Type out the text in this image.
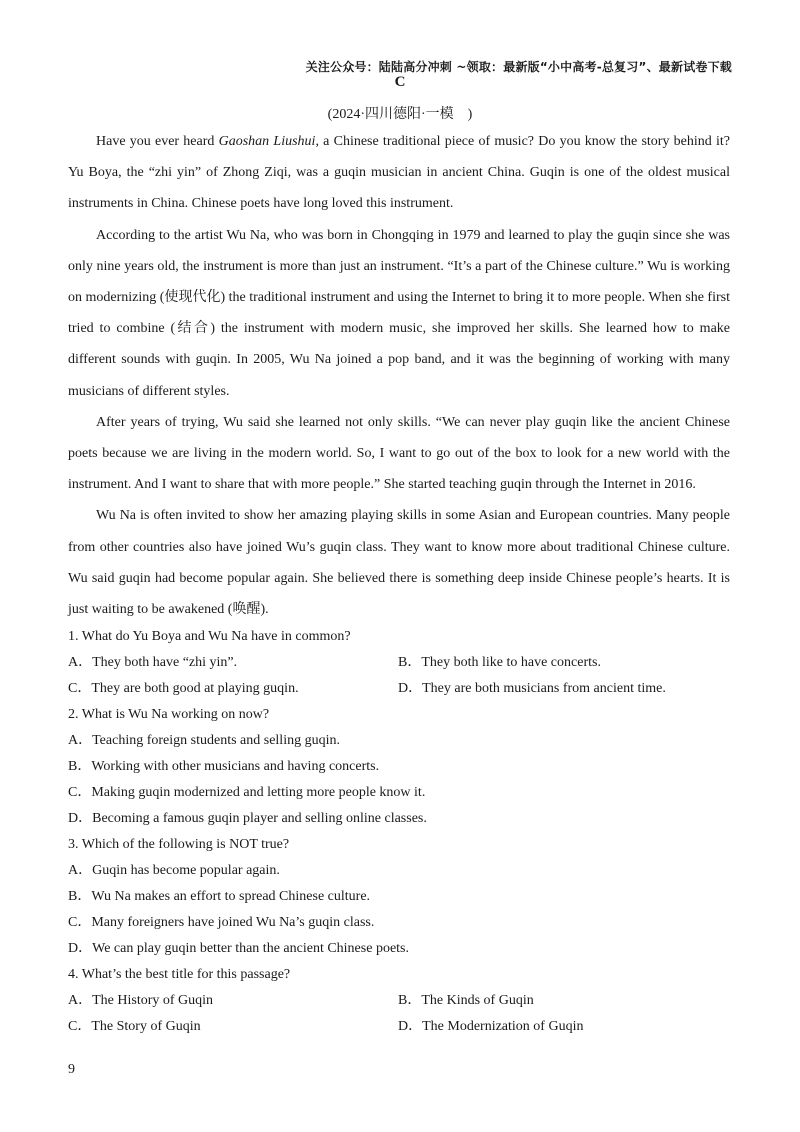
关注公众号：陆陆高分冲刺 ~领取：最新版“小中高考-总复习”、最新试卷下载
C
(2024·四川德阳·一模　)

Have you ever heard Gaoshan Liushui, a Chinese traditional piece of music? Do you know the story behind it? Yu Boya, the “zhi yin” of Zhong Ziqi, was a guqin musician in ancient China. Guqin is one of the oldest musical instruments in China. Chinese poets have long loved this instrument.

According to the artist Wu Na, who was born in Chongqing in 1979 and learned to play the guqin since she was only nine years old, the instrument is more than just an instrument. “It’s a part of the Chinese culture.” Wu is working on modernizing (使现代化) the traditional instrument and using the Internet to bring it to more people. When she first tried to combine (结合) the instrument with modern music, she improved her skills. She learned how to make different sounds with guqin. In 2005, Wu Na joined a pop band, and it was the beginning of working with many musicians of different styles.

After years of trying, Wu said she learned not only skills. “We can never play guqin like the ancient Chinese poets because we are living in the modern world. So, I want to go out of the box to look for a new world with the instrument. And I want to share that with more people.” She started teaching guqin through the Internet in 2016.

Wu Na is often invited to show her amazing playing skills in some Asian and European countries. Many people from other countries also have joined Wu’s guqin class. They want to know more about traditional Chinese culture. Wu said guqin had become popular again. She believed there is something deep inside Chinese people’s hearts. It is just waiting to be awakened (唤醒).

1. What do Yu Boya and Wu Na have in common?
A．They both have “zhi yin”.	B．They both like to have concerts.
C．They are both good at playing guqin.	D．They are both musicians from ancient time.
2. What is Wu Na working on now?
A．Teaching foreign students and selling guqin.
B．Working with other musicians and having concerts.
C．Making guqin modernized and letting more people know it.
D．Becoming a famous guqin player and selling online classes.
3. Which of the following is NOT true?
A．Guqin has become popular again.
B．Wu Na makes an effort to spread Chinese culture.
C．Many foreigners have joined Wu Na’s guqin class.
D．We can play guqin better than the ancient Chinese poets.
4. What’s the best title for this passage?
A．The History of Guqin	B．The Kinds of Guqin
C．The Story of Guqin	D．The Modernization of Guqin
9
